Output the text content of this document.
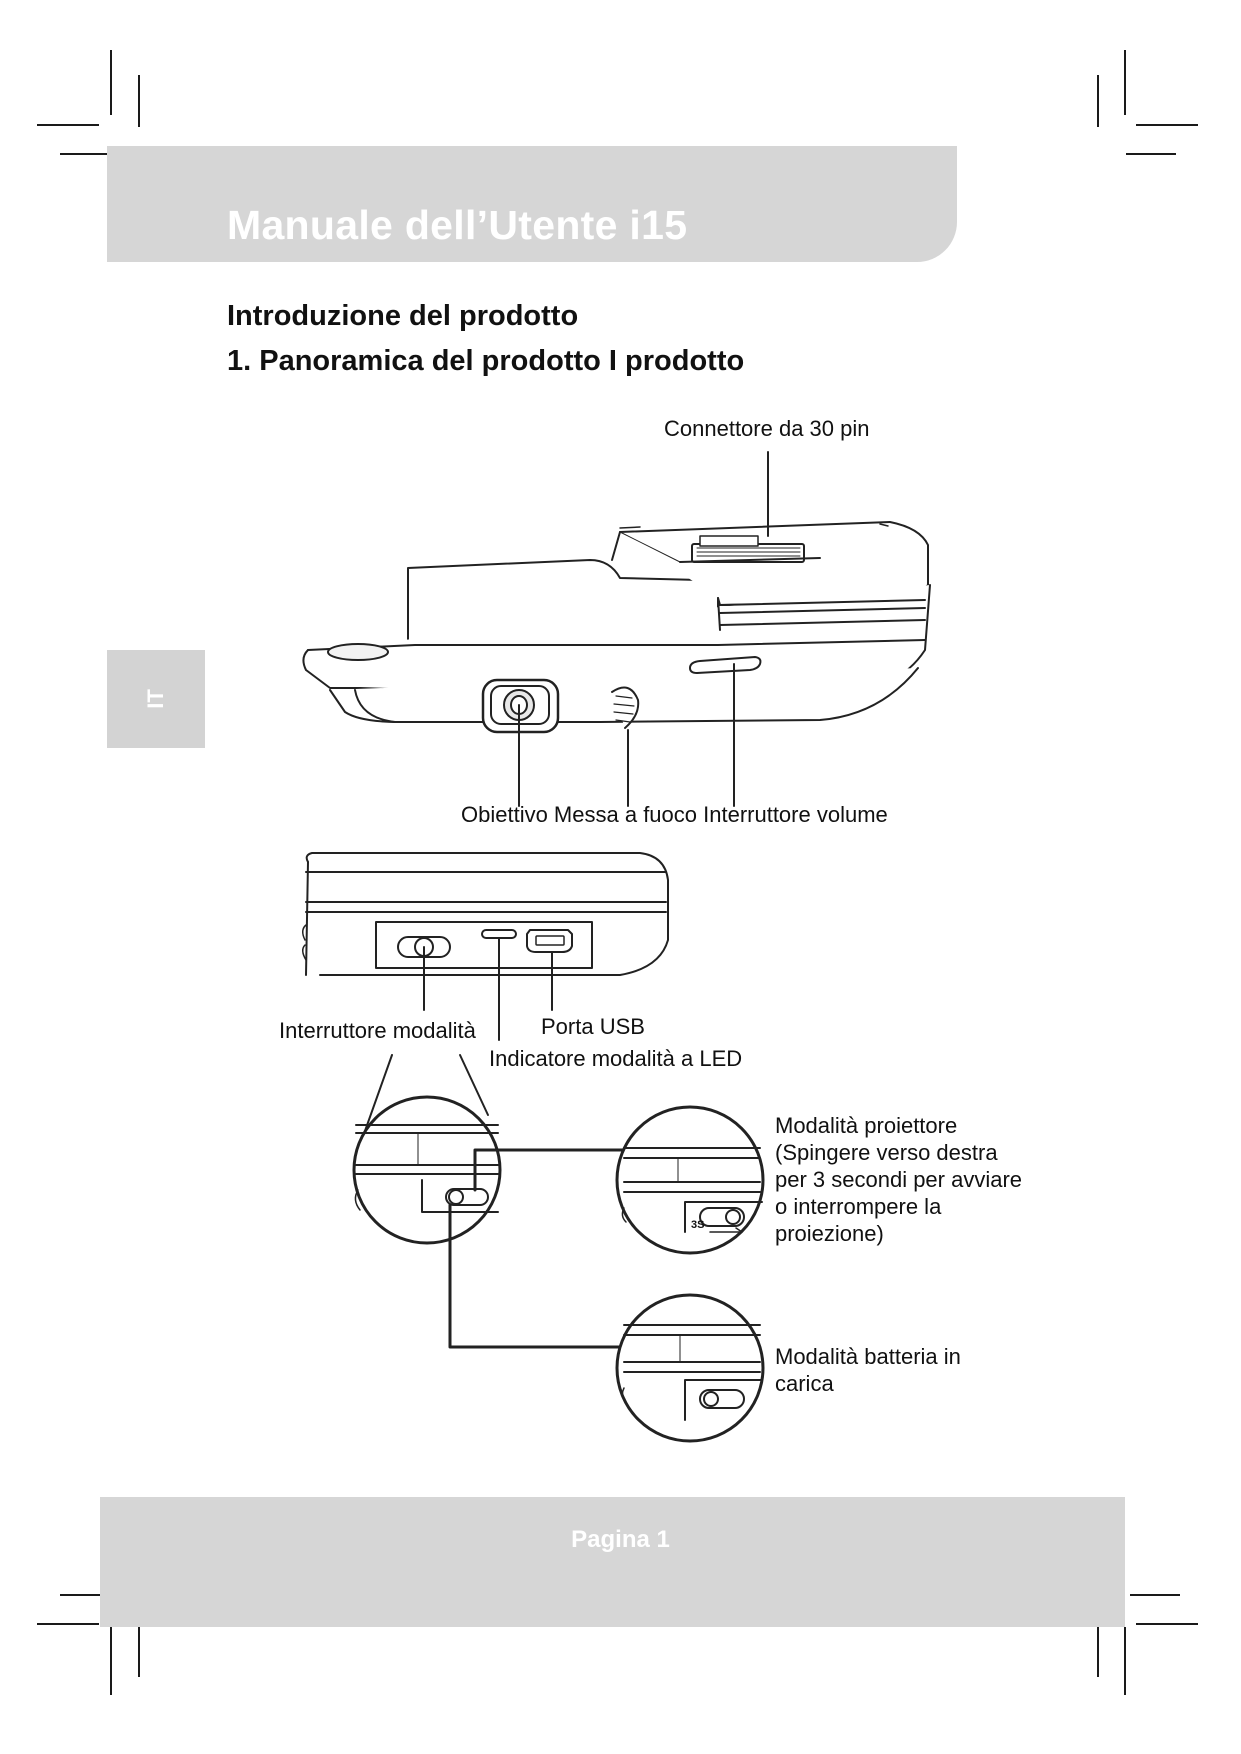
Manuale dell’Utente i15
IT
Introduzione del prodotto
1. Panoramica del prodotto I prodotto
Connettore da 30 pin
Obiettivo Messa a fuoco Interruttore volume
Interruttore modalità	Porta USB
Indicatore modalità a LED
3S
Modalità proiettore
(Spingere verso destra
per 3 secondi per avviare
o interrompere la
proiezione)
Modalità batteria in
carica
Pagina 1
